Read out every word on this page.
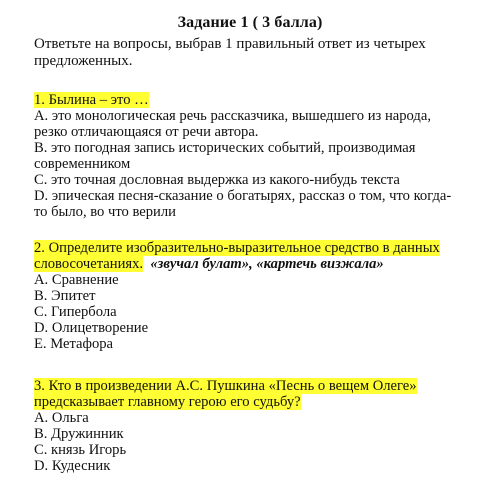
Задание 1 ( 3 балла)
Ответьте на вопросы, выбрав 1 правильный ответ из четырех
предложенных.
1. Былина – это …
А. это монологическая речь рассказчика, вышедшего из народа,
резко отличающаяся от речи автора.
В. это погодная запись исторических событий, производимая
современником
С. это точная дословная выдержка из какого-нибудь текста
D. эпическая песня-сказание о богатырях, рассказ о том, что когда-
то было, во что верили
2. Определите изобразительно-выразительное средство в данных
словосочетаниях. «звучал булат», «картечь визжала»
А. Сравнение
В. Эпитет
С. Гипербола
D. Олицетворение
Е. Метафора
3. Кто в произведении А.С. Пушкина «Песнь о вещем Олеге»
предсказывает главному герою его судьбу?
А. Ольга
В. Дружинник
С. князь Игорь
D. Кудесник
